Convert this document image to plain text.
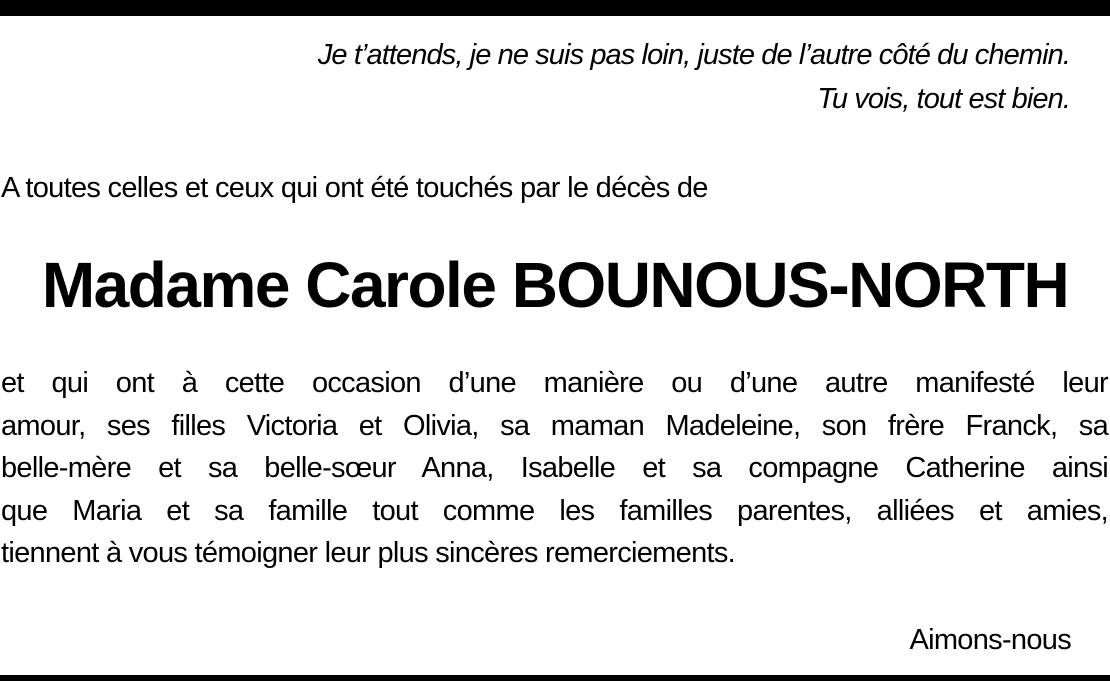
Je t’attends, je ne suis pas loin, juste de l’autre côté du chemin.
Tu vois, tout est bien.
A toutes celles et ceux qui ont été touchés par le décès de
Madame Carole BOUNOUS-NORTH
et qui ont à cette occasion d’une manière ou d’une autre manifesté leur
amour, ses filles Victoria et Olivia, sa maman Madeleine, son frère Franck, sa
belle-mère et sa belle-sœur Anna, Isabelle et sa compagne Catherine ainsi
que Maria et sa famille tout comme les familles parentes, alliées et amies,
tiennent à vous témoigner leur plus sincères remerciements.
Aimons-nous
